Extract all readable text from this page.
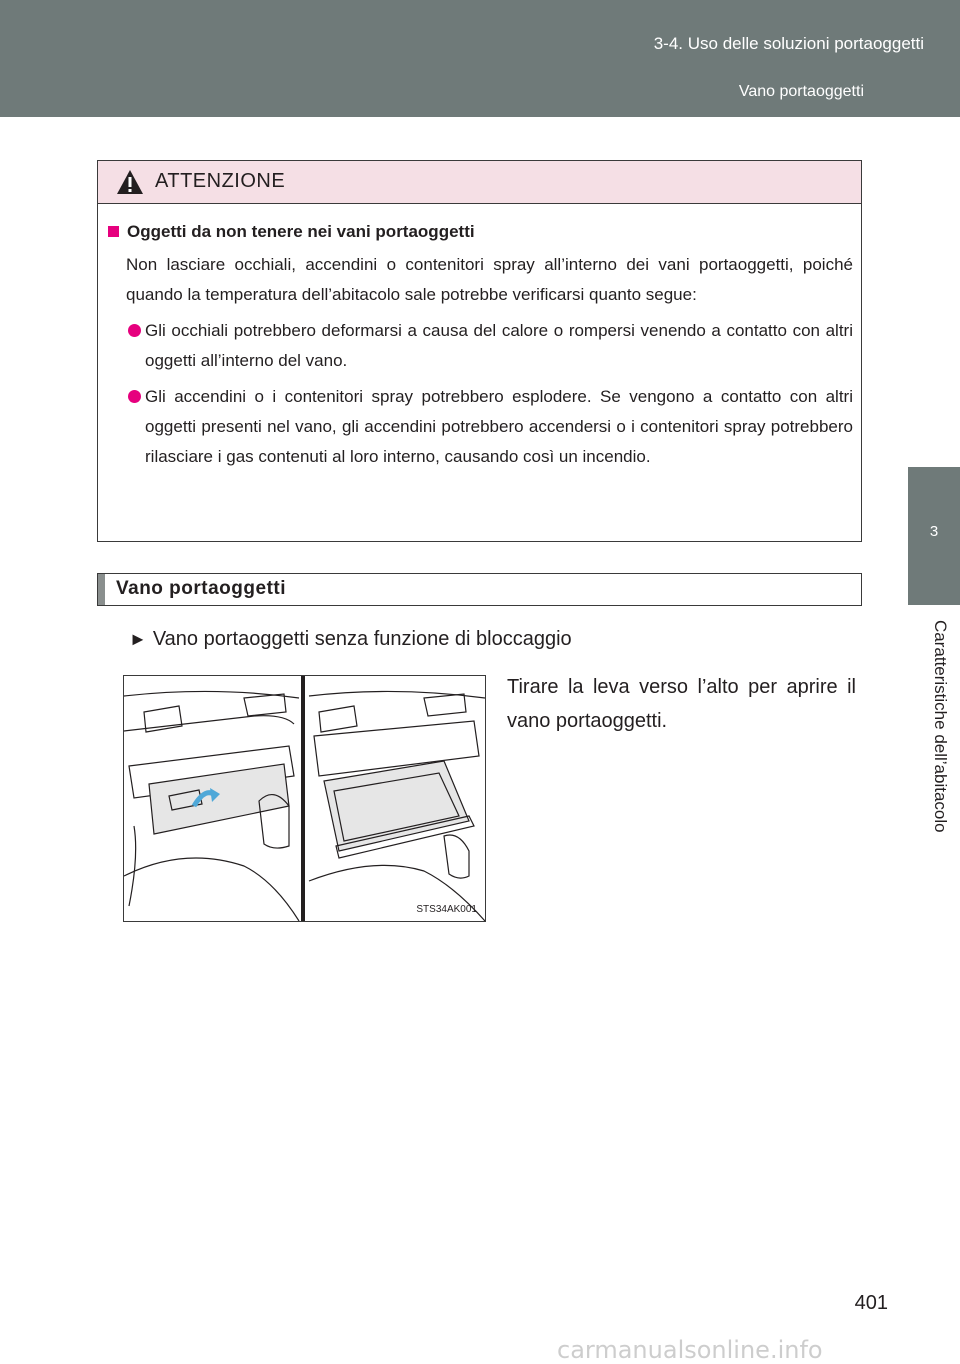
3-4. Uso delle soluzioni portaoggetti
Vano portaoggetti
3
Caratteristiche dell’abitacolo
ATTENZIONE
Oggetti da non tenere nei vani portaoggetti

Non lasciare occhiali, accendini o contenitori spray all’interno dei vani portaoggetti, poiché quando la temperatura dell’abitacolo sale potrebbe verificarsi quanto segue:

Gli occhiali potrebbero deformarsi a causa del calore o rompersi venendo a contatto con altri oggetti all’interno del vano.
Gli accendini o i contenitori spray potrebbero esplodere. Se vengono a contatto con altri oggetti presenti nel vano, gli accendini potrebbero accendersi o i contenitori spray potrebbero rilasciare i gas contenuti al loro interno, causando così un incendio.
Vano portaoggetti
► Vano portaoggetti senza funzione di bloccaggio
STS34AK001
Tirare la leva verso l’alto per aprire il vano portaoggetti.
401
carmanualsonline.info
